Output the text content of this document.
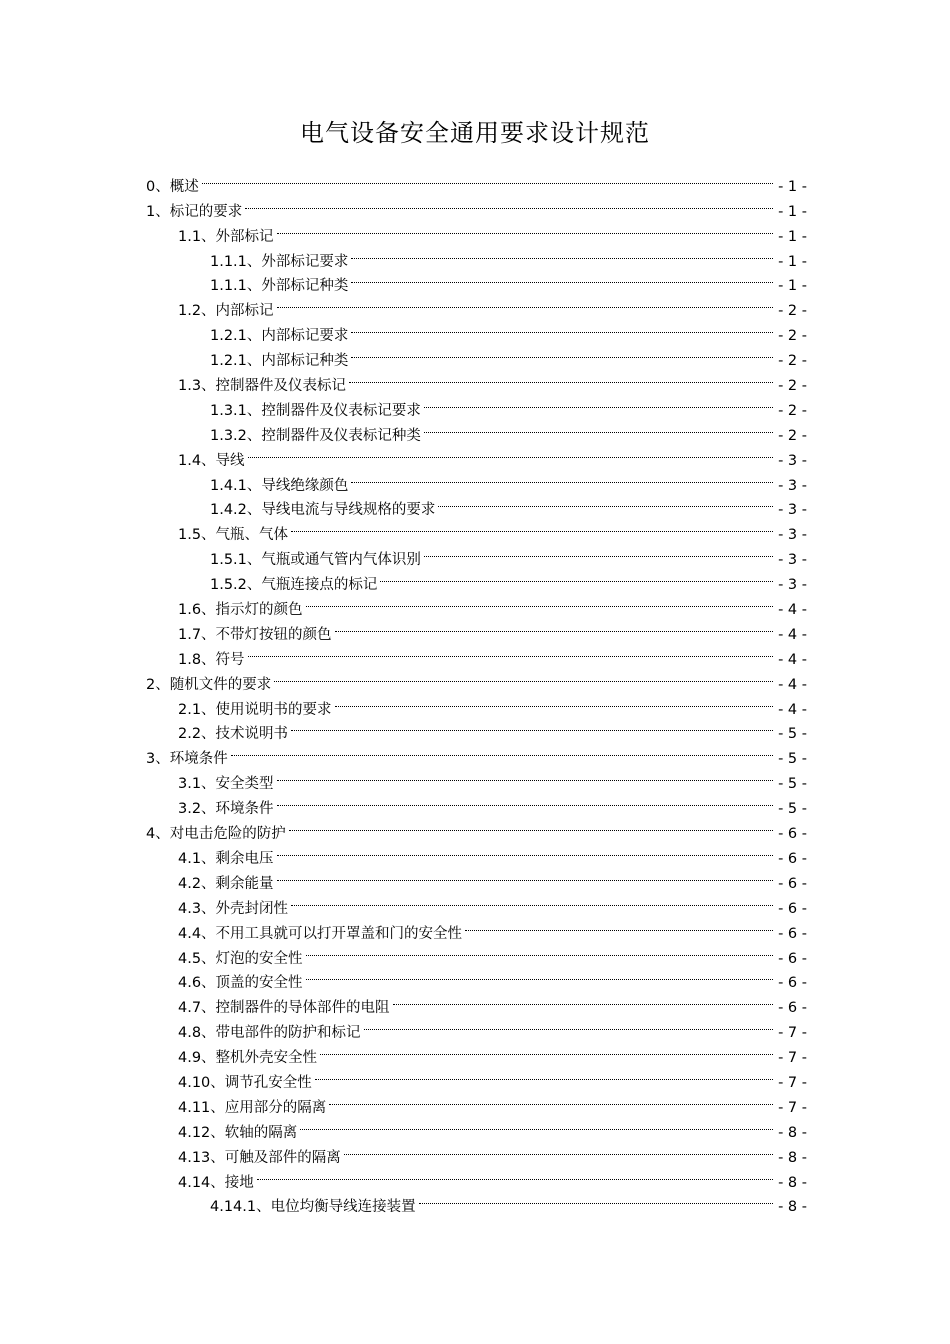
电气设备安全通用要求设计规范
0、概述	- 1 -
1、标记的要求	- 1 -
1.1、外部标记	- 1 -
1.1.1、外部标记要求	- 1 -
1.1.1、外部标记种类	- 1 -
1.2、内部标记	- 2 -
1.2.1、内部标记要求	- 2 -
1.2.1、内部标记种类	- 2 -
1.3、控制器件及仪表标记	- 2 -
1.3.1、控制器件及仪表标记要求	- 2 -
1.3.2、控制器件及仪表标记种类	- 2 -
1.4、导线	- 3 -
1.4.1、导线绝缘颜色	- 3 -
1.4.2、导线电流与导线规格的要求	- 3 -
1.5、气瓶、气体	- 3 -
1.5.1、气瓶或通气管内气体识别	- 3 -
1.5.2、气瓶连接点的标记	- 3 -
1.6、指示灯的颜色	- 4 -
1.7、不带灯按钮的颜色	- 4 -
1.8、符号	- 4 -
2、随机文件的要求	- 4 -
2.1、使用说明书的要求	- 4 -
2.2、技术说明书	- 5 -
3、环境条件	- 5 -
3.1、安全类型	- 5 -
3.2、环境条件	- 5 -
4、对电击危险的防护	- 6 -
4.1、剩余电压	- 6 -
4.2、剩余能量	- 6 -
4.3、外壳封闭性	- 6 -
4.4、不用工具就可以打开罩盖和门的安全性	- 6 -
4.5、灯泡的安全性	- 6 -
4.6、顶盖的安全性	- 6 -
4.7、控制器件的导体部件的电阻	- 6 -
4.8、带电部件的防护和标记	- 7 -
4.9、整机外壳安全性	- 7 -
4.10、调节孔安全性	- 7 -
4.11、应用部分的隔离	- 7 -
4.12、软轴的隔离	- 8 -
4.13、可触及部件的隔离	- 8 -
4.14、接地	- 8 -
4.14.1、电位均衡导线连接装置	- 8 -
